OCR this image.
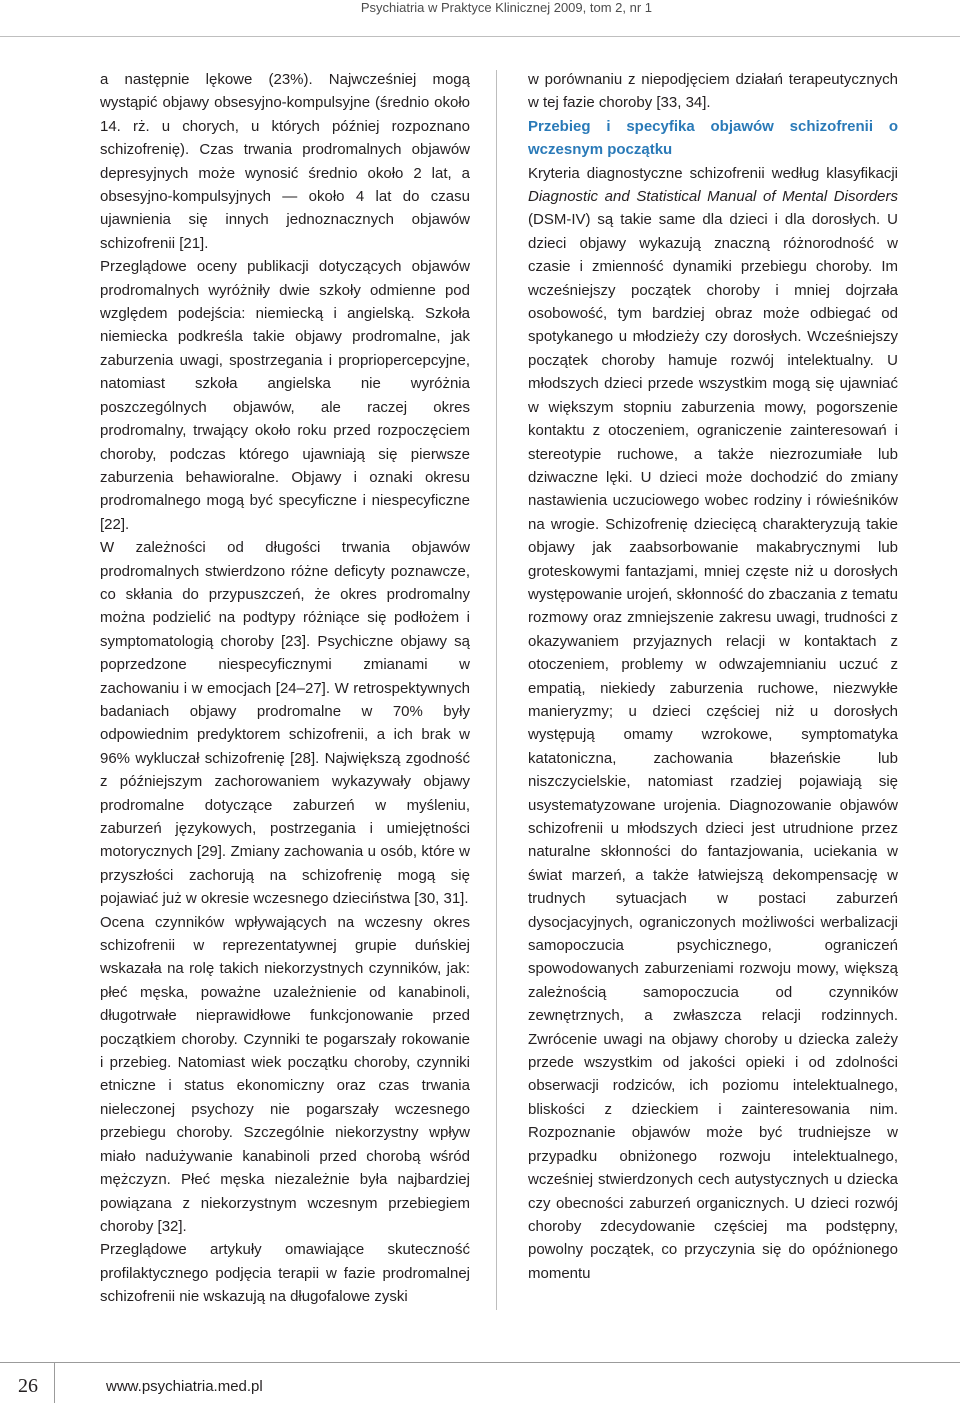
Psychiatria w Praktyce Klinicznej 2009, tom 2, nr 1

a następnie lękowe (23%). Najwcześniej mogą wystąpić objawy obsesyjno-kompulsyjne (średnio około 14. rż. u chorych, u których później rozpoznano schizofrenię). Czas trwania prodromalnych objawów depresyjnych może wynosić średnio około 2 lat, a obsesyjno-kompulsyjnych — około 4 lat do czasu ujawnienia się innych jednoznacznych objawów schizofrenii [21].

Przeglądowe oceny publikacji dotyczących objawów prodromalnych wyróżniły dwie szkoły odmienne pod względem podejścia: niemiecką i angielską. Szkoła niemiecka podkreśla takie objawy prodromalne, jak zaburzenia uwagi, spostrzegania i propriopercepcyjne, natomiast szkoła angielska nie wyróżnia poszczególnych objawów, ale raczej okres prodromalny, trwający około roku przed rozpoczęciem choroby, podczas którego ujawniają się pierwsze zaburzenia behawioralne. Objawy i oznaki okresu prodromalnego mogą być specyficzne i niespecyficzne [22].

W zależności od długości trwania objawów prodromalnych stwierdzono różne deficyty poznawcze, co skłania do przypuszczeń, że okres prodromalny można podzielić na podtypy różniące się podłożem i symptomatologią choroby [23]. Psychiczne objawy są poprzedzone niespecyficznymi zmianami w zachowaniu i w emocjach [24–27]. W retrospektywnych badaniach objawy prodromalne w 70% były odpowiednim predyktorem schizofrenii, a ich brak w 96% wykluczał schizofrenię [28]. Największą zgodność z późniejszym zachorowaniem wykazywały objawy prodromalne dotyczące zaburzeń w myśleniu, zaburzeń językowych, postrzegania i umiejętności motorycznych [29]. Zmiany zachowania u osób, które w przyszłości zachorują na schizofrenię mogą się pojawiać już w okresie wczesnego dzieciństwa [30, 31].

Ocena czynników wpływających na wczesny okres schizofrenii w reprezentatywnej grupie duńskiej wskazała na rolę takich niekorzystnych czynników, jak: płeć męska, poważne uzależnienie od kanabinoli, długotrwałe nieprawidłowe funkcjonowanie przed początkiem choroby. Czynniki te pogarszały rokowanie i przebieg. Natomiast wiek początku choroby, czynniki etniczne i status ekonomiczny oraz czas trwania nieleczonej psychozy nie pogarszały wczesnego przebiegu choroby. Szczególnie niekorzystny wpływ miało nadużywanie kanabinoli przed chorobą wśród mężczyzn. Płeć męska niezależnie była najbardziej powiązana z niekorzystnym wczesnym przebiegiem choroby [32].

Przeglądowe artykuły omawiające skuteczność profilaktycznego podjęcia terapii w fazie prodromalnej schizofrenii nie wskazują na długofalowe zyski

w porównaniu z niepodjęciem działań terapeutycznych w tej fazie choroby [33, 34].

Przebieg i specyfika objawów schizofrenii o wczesnym początku

Kryteria diagnostyczne schizofrenii według klasyfikacji Diagnostic and Statistical Manual of Mental Disorders (DSM-IV) są takie same dla dzieci i dla dorosłych. U dzieci objawy wykazują znaczną różnorodność w czasie i zmienność dynamiki przebiegu choroby. Im wcześniejszy początek choroby i mniej dojrzała osobowość, tym bardziej obraz może odbiegać od spotykanego u młodzieży czy dorosłych. Wcześniejszy początek choroby hamuje rozwój intelektualny. U młodszych dzieci przede wszystkim mogą się ujawniać w większym stopniu zaburzenia mowy, pogorszenie kontaktu z otoczeniem, ograniczenie zainteresowań i stereotypie ruchowe, a także niezrozumiałe lub dziwaczne lęki. U dzieci może dochodzić do zmiany nastawienia uczuciowego wobec rodziny i rówieśników na wrogie. Schizofrenię dziecięcą charakteryzują takie objawy jak zaabsorbowanie makabrycznymi lub groteskowymi fantazjami, mniej częste niż u dorosłych występowanie urojeń, skłonność do zbaczania z tematu rozmowy oraz zmniejszenie zakresu uwagi, trudności z okazywaniem przyjaznych relacji w kontaktach z otoczeniem, problemy w odwzajemnianiu uczuć z empatią, niekiedy zaburzenia ruchowe, niezwykłe manieryzmy; u dzieci częściej niż u dorosłych występują omamy wzrokowe, symptomatyka katatoniczna, zachowania błazeńskie lub niszczycielskie, natomiast rzadziej pojawiają się usystematyzowane urojenia. Diagnozowanie objawów schizofrenii u młodszych dzieci jest utrudnione przez naturalne skłonności do fantazjowania, uciekania w świat marzeń, a także łatwiejszą dekompensację w trudnych sytuacjach w postaci zaburzeń dysocjacyjnych, ograniczonych możliwości werbalizacji samopoczucia psychicznego, ograniczeń spowodowanych zaburzeniami rozwoju mowy, większą zależnością samopoczucia od czynników zewnętrznych, a zwłaszcza relacji rodzinnych. Zwrócenie uwagi na objawy choroby u dziecka zależy przede wszystkim od jakości opieki i od zdolności obserwacji rodziców, ich poziomu intelektualnego, bliskości z dzieckiem i zainteresowania nim. Rozpoznanie objawów może być trudniejsze w przypadku obniżonego rozwoju intelektualnego, wcześniej stwierdzonych cech autystycznych u dziecka czy obecności zaburzeń organicznych. U dzieci rozwój choroby zdecydowanie częściej ma podstępny, powolny początek, co przyczynia się do opóźnionego momentu

26	www.psychiatria.med.pl
